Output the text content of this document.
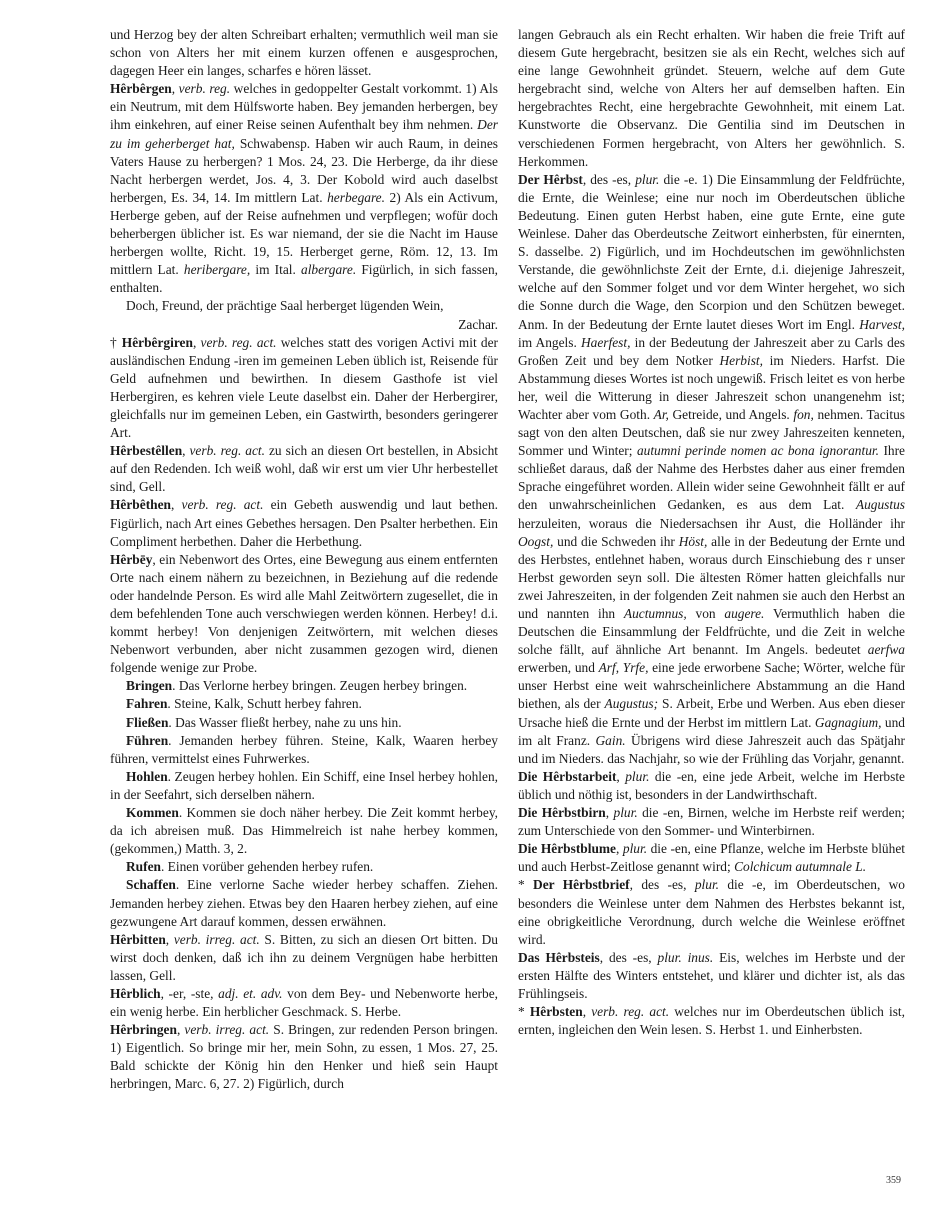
und Herzog bey der alten Schreibart erhalten; vermuthlich weil man sie schon von Alters her mit einem kurzen offenen e ausgesprochen, dagegen Heer ein langes, scharfes e hören lässet.

Hêrbêrgen, verb. reg. welches in gedoppelter Gestalt vorkommt. 1) Als ein Neutrum, mit dem Hülfsworte haben. Bey jemanden herbergen, bey ihm einkehren, auf einer Reise seinen Aufenthalt bey ihm nehmen. Der zu im geherberget hat, Schwabensp. Haben wir auch Raum, in deines Vaters Hause zu herbergen? 1 Mos. 24, 23. Die Herberge, da ihr diese Nacht herbergen werdet, Jos. 4, 3. Der Kobold wird auch daselbst herbergen, Es. 34, 14. Im mittlern Lat. herbegare. 2) Als ein Activum, Herberge geben, auf der Reise aufnehmen und verpflegen; wofür doch beherbergen üblicher ist. Es war niemand, der sie die Nacht im Hause herbergen wollte, Richt. 19, 15. Herberget gerne, Röm. 12, 13. Im mittlern Lat. heribergare, im Ital. albergare. Figürlich, in sich fassen, enthalten.

Doch, Freund, der prächtige Saal herberget lügenden Wein,

Zachar.

† Hêrbêrgiren, verb. reg. act. welches statt des vorigen Activi mit der ausländischen Endung -iren im gemeinen Leben üblich ist, Reisende für Geld aufnehmen und bewirthen. In diesem Gasthofe ist viel Herbergiren, es kehren viele Leute daselbst ein. Daher der Herbergirer, gleichfalls nur im gemeinen Leben, ein Gastwirth, besonders geringerer Art.

Hêrbestêllen, verb. reg. act. zu sich an diesen Ort bestellen, in Absicht auf den Redenden. Ich weiß wohl, daß wir erst um vier Uhr herbestellet sind, Gell.

Hêrbêthen, verb. reg. act. ein Gebeth auswendig und laut bethen. Figürlich, nach Art eines Gebethes hersagen. Den Psalter herbethen. Ein Compliment herbethen. Daher die Herbethung.

Hêrbēy, ein Nebenwort des Ortes, eine Bewegung aus einem entfernten Orte nach einem nähern zu bezeichnen, in Beziehung auf die redende oder handelnde Person. Es wird alle Mahl Zeitwörtern zugesellet, die in dem befehlenden Tone auch verschwiegen werden können. Herbey! d.i. kommt herbey! Von denjenigen Zeitwörtern, mit welchen dieses Nebenwort verbunden, aber nicht zusammen gezogen wird, dienen folgende wenige zur Probe.

Bringen. Das Verlorne herbey bringen. Zeugen herbey bringen.

Fahren. Steine, Kalk, Schutt herbey fahren.

Fließen. Das Wasser fließt herbey, nahe zu uns hin.

Führen. Jemanden herbey führen. Steine, Kalk, Waaren herbey führen, vermittelst eines Fuhrwerkes.

Hohlen. Zeugen herbey hohlen. Ein Schiff, eine Insel herbey hohlen, in der Seefahrt, sich derselben nähern.

Kommen. Kommen sie doch näher herbey. Die Zeit kommt herbey, da ich abreisen muß. Das Himmelreich ist nahe herbey kommen, (gekommen,) Matth. 3, 2.

Rufen. Einen vorüber gehenden herbey rufen.

Schaffen. Eine verlorne Sache wieder herbey schaffen. Ziehen. Jemanden herbey ziehen. Etwas bey den Haaren herbey ziehen, auf eine gezwungene Art darauf kommen, dessen erwähnen.

Hêrbitten, verb. irreg. act. S. Bitten, zu sich an diesen Ort bitten. Du wirst doch denken, daß ich ihn zu deinem Vergnügen habe herbitten lassen, Gell.

Hêrblich, -er, -ste, adj. et. adv. von dem Bey- und Nebenworte herbe, ein wenig herbe. Ein herblicher Geschmack. S. Herbe.

Hêrbringen, verb. irreg. act. S. Bringen, zur redenden Person bringen. 1) Eigentlich. So bringe mir her, mein Sohn, zu essen, 1 Mos. 27, 25. Bald schickte der König hin den Henker und hieß sein Haupt herbringen, Marc. 6, 27. 2) Figürlich, durch

langen Gebrauch als ein Recht erhalten. Wir haben die freie Trift auf diesem Gute hergebracht, besitzen sie als ein Recht, welches sich auf eine lange Gewohnheit gründet. Steuern, welche auf dem Gute hergebracht sind, welche von Alters her auf demselben haften. Ein hergebrachtes Recht, eine hergebrachte Gewohnheit, mit einem Lat. Kunstworte die Observanz. Die Gentilia sind im Deutschen in verschiedenen Formen hergebracht, von Alters her gewöhnlich. S. Herkommen.

Der Hêrbst, des -es, plur. die -e. 1) Die Einsammlung der Feldfrüchte, die Ernte, die Weinlese; eine nur noch im Oberdeutschen übliche Bedeutung. Einen guten Herbst haben, eine gute Ernte, eine gute Weinlese. Daher das Oberdeutsche Zeitwort einherbsten, für einernten, S. dasselbe. 2) Figürlich, und im Hochdeutschen im gewöhnlichsten Verstande, die gewöhnlichste Zeit der Ernte, d.i. diejenige Jahreszeit, welche auf den Sommer folget und vor dem Winter hergehet, wo sich die Sonne durch die Wage, den Scorpion und den Schützen beweget. Anm. In der Bedeutung der Ernte lautet dieses Wort im Engl. Harvest, im Angels. Haerfest, in der Bedeutung der Jahreszeit aber zu Carls des Großen Zeit und bey dem Notker Herbist, im Nieders. Harfst. Die Abstammung dieses Wortes ist noch ungewiß. Frisch leitet es von herbe her, weil die Witterung in dieser Jahreszeit schon unangenehm ist; Wachter aber vom Goth. Ar, Getreide, und Angels. fon, nehmen. Tacitus sagt von den alten Deutschen, daß sie nur zwey Jahreszeiten kenneten, Sommer und Winter; autumni perinde nomen ac bona ignorantur. Ihre schließet daraus, daß der Nahme des Herbstes daher aus einer fremden Sprache eingeführet worden. Allein wider seine Gewohnheit fällt er auf den unwahrscheinlichen Gedanken, es aus dem Lat. Augustus herzuleiten, woraus die Niedersachsen ihr Aust, die Holländer ihr Oogst, und die Schweden ihr Höst, alle in der Bedeutung der Ernte und des Herbstes, entlehnet haben, woraus durch Einschiebung des r unser Herbst geworden seyn soll. Die ältesten Römer hatten gleichfalls nur zwei Jahreszeiten, in der folgenden Zeit nahmen sie auch den Herbst an und nannten ihn Auctumnus, von augere. Vermuthlich haben die Deutschen die Einsammlung der Feldfrüchte, und die Zeit in welche solche fällt, auf ähnliche Art benannt. Im Angels. bedeutet aerfwa erwerben, und Arf, Yrfe, eine jede erworbene Sache; Wörter, welche für unser Herbst eine weit wahrscheinlichere Abstammung an die Hand biethen, als der Augustus; S. Arbeit, Erbe und Werben. Aus eben dieser Ursache hieß die Ernte und der Herbst im mittlern Lat. Gagnagium, und im alt Franz. Gain. Übrigens wird diese Jahreszeit auch das Spätjahr und im Nieders. das Nachjahr, so wie der Frühling das Vorjahr, genannt.

Die Hêrbstarbeit, plur. die -en, eine jede Arbeit, welche im Herbste üblich und nöthig ist, besonders in der Landwirthschaft.

Die Hêrbstbirn, plur. die -en, Birnen, welche im Herbste reif werden; zum Unterschiede von den Sommer- und Winterbirnen.

Die Hêrbstblume, plur. die -en, eine Pflanze, welche im Herbste blühet und auch Herbst-Zeitlose genannt wird; Colchicum autumnale L.

* Der Hêrbstbrief, des -es, plur. die -e, im Oberdeutschen, wo besonders die Weinlese unter dem Nahmen des Herbstes bekannt ist, eine obrigkeitliche Verordnung, durch welche die Weinlese eröffnet wird.

Das Hêrbsteis, des -es, plur. inus. Eis, welches im Herbste und der ersten Hälfte des Winters entstehet, und klärer und dichter ist, als das Frühlingseis.

* Hêrbsten, verb. reg. act. welches nur im Oberdeutschen üblich ist, ernten, ingleichen den Wein lesen. S. Herbst 1. und Einherbsten.

359
